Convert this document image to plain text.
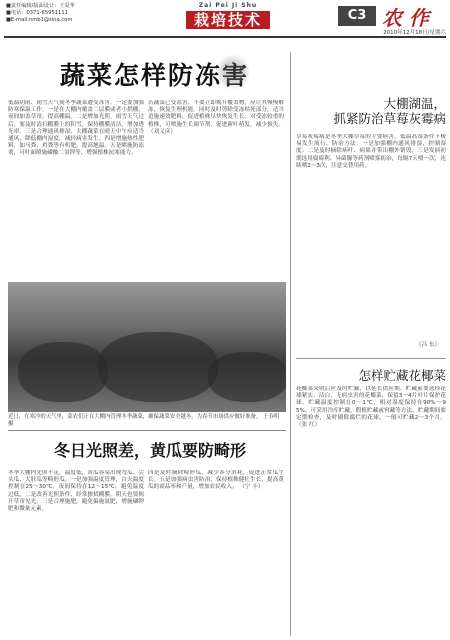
■责任编辑/版面设计：王爱华
■电话：0371-65951111
■E-mail:nmb1@sina.com
Zai Pei Ji Shu
栽培技术	C3 农 作
2010年12月18日/星期六
蔬菜怎样防冻害
低温阴雨、雨雪天气使冬季蔬菜遭受冻害，一定要加强防寒保温工作。一是在大棚内覆盖二层膜或者小拱棚，夜间加盖草帘，提高棚温。二是增加光照，雨雪天气过后，要及时清扫棚膜上的积雪，保持棚膜清洁，增加透光率。三是合理通风排湿，大棚蔬菜在晴天中午应适当通风，降低棚内湿度，减轻病害发生。四是增施热性肥料，如马粪、鸡粪等有机肥，提高地温。五是喷施防冻剂，可叶面喷施磷酸二氢钾等，增强植株抗寒能力。
若蔬菜已受冻害，不要立即揭开覆盖物，应让其慢慢解冻，恢复生理机能。同时及时剪除受冻枯死部分，适当追施速效肥料，促进植株尽快恢复生长。对受冻较重的植株，可喷施生长调节剂，促进新叶萌发，减少损失。 （刘义彦）
近日，在寒冷的天气里，菜农们正在大棚内管理冬季蔬菜，确保蔬菜安全越冬，为春节市场供应做好准备。 王春明 摄
冬日光照差，黄瓜要防畸形
冬季大棚内光照不足，温度低，黄瓜容易出现弯瓜、尖头瓜、大肚瓜等畸形瓜。一是加强温度管理，白天温度控制在25～30℃，夜间保持在12～15℃，避免温度过低。二是改善光照条件，经常擦拭棚膜，阴天也要揭开草帘见光。三是合理施肥，避免偏施氮肥，增施磷钾肥和微量元素。
四是及时摘除畸形瓜，减少养分消耗，促进正常瓜生长。五是加强病虫害防治，保持植株健壮生长，提高黄瓜的商品率和产量，增加农民收入。 （宁 丰）
大棚湖温，
抓紧防治草莓灰霉病
草莓灰霉病是冬季大棚草莓的主要病害，低温高湿条件下极易发生流行。防治方法：一是加强棚内通风排湿，控制湿度；二是及时摘除病叶、病果并带出棚外销毁；三是发病初期选用腐霉利、异菌脲等药剂喷雾防治，每隔7天喷一次，连续喷2～3次，注意交替用药。
（吕 东）
怎样贮藏花椰菜
花椰菜采收后应及时贮藏，以延长供应期。贮藏前要选择花球紧实、洁白、无病虫害的花椰菜，保留3～4片叶片保护花球。贮藏温度控制在0～1℃，相对湿度保持在90%～95%。可采用冷库贮藏、假植贮藏或窖藏等方法。贮藏期间要定期检查，及时剔除腐烂的花球，一般可贮藏2～3个月。 （张 红）
